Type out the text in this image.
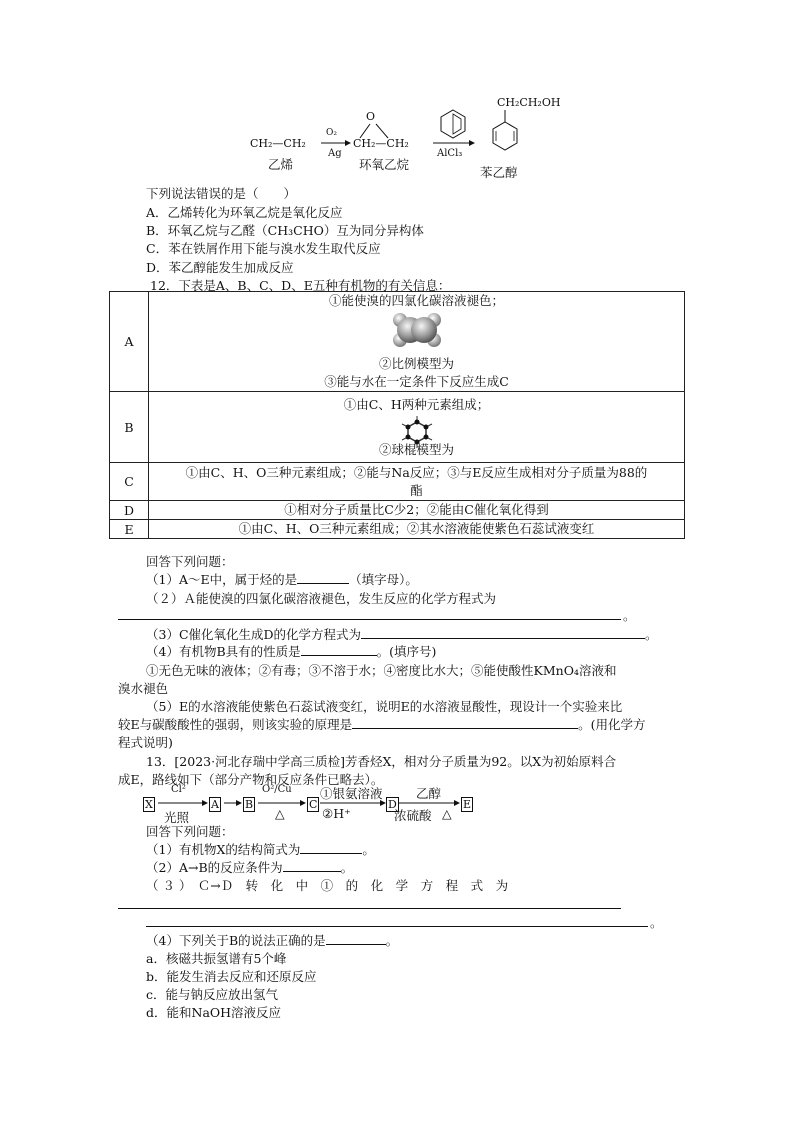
CH₂—CH₂
乙烯
O₂
Ag
O
CH₂—CH₂
环氧乙烷
AlCl₃
CH₂CH₂OH
苯乙醇
下列说法错误的是（　　）
A．乙烯转化为环氧乙烷是氧化反应
B．环氧乙烷与乙醛（CH₃CHO）互为同分异构体
C．苯在铁屑作用下能与溴水发生取代反应
D．苯乙醇能发生加成反应
12．下表是A、B、C、D、E五种有机物的有关信息：
A	①能使溴的四氯化碳溶液褪色；
②比例模型为
③能与水在一定条件下反应生成C

B	①由C、H两种元素组成；
②球棍模型为

C	①由C、H、O三种元素组成；②能与Na反应；③与E反应生成相对分子质量为88的
酯

D	①相对分子质量比C少2；②能由C催化氧化得到
E	①由C、H、O三种元素组成；②其水溶液能使紫色石蕊试液变红
回答下列问题：
（1）A～E中，属于烃的是	（填字母）。
（２）Ａ能使溴的四氯化碳溶液褪色，发生反应的化学方程式为
。
（3）C催化氧化生成D的化学方程式为	。
（4）有机物B具有的性质是	。(填序号)
①无色无味的液体；②有毒；③不溶于水；④密度比水大；⑤能使酸性KMnO₄溶液和
溴水褪色
（5）E的水溶液能使紫色石蕊试液变红，说明E的水溶液显酸性，现设计一个实验来比
较E与碳酸酸性的强弱，则该实验的原理是	。(用化学方
程式说明)
13．[2023·河北存瑞中学高三质检]芳香烃X，相对分子质量为92。以X为初始原料合
成E，路线如下（部分产物和反应条件已略去）。
X
Cl²
光照
A B
O²/Cu
△
C
①银氨溶液
②H⁺
D
乙醇
浓硫酸 △
E
回答下列问题：
（1）有机物X的结构简式为	。
（2）A→B的反应条件为	。
（ ３ ）　Ｃ→Ｄ　转　化　中　①　的　化　学　方　程　式　为
。
（4）下列关于B的说法正确的是	。
a．核磁共振氢谱有5个峰
b．能发生消去反应和还原反应
c．能与钠反应放出氢气
d．能和NaOH溶液反应
